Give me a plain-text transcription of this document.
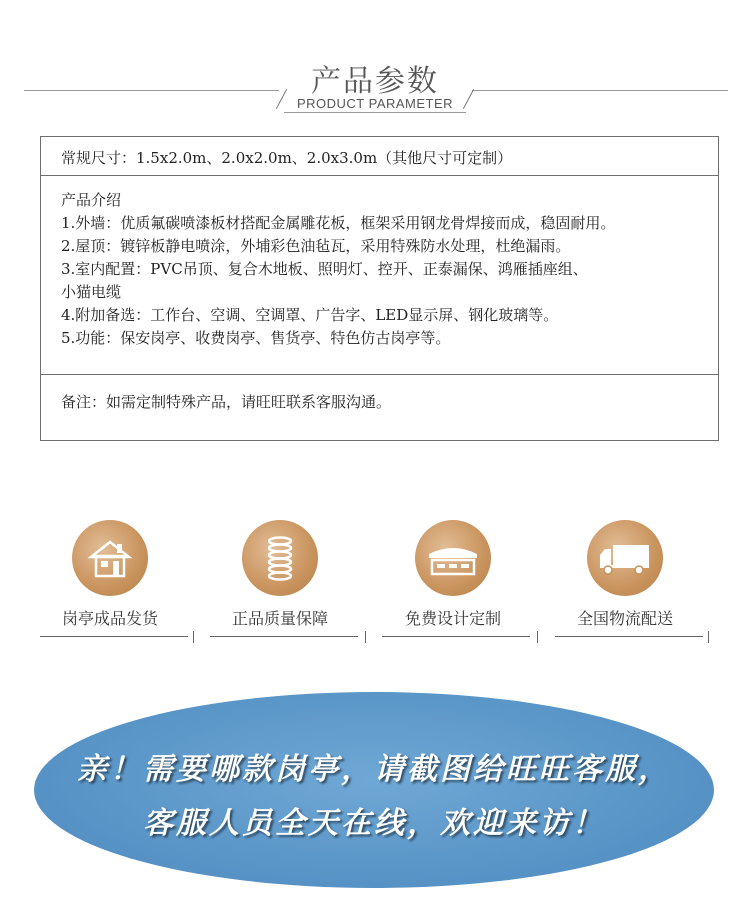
产品参数
PRODUCT PARAMETER
常规尺寸：1.5x2.0m、2.0x2.0m、2.0x3.0m（其他尺寸可定制）
产品介绍
1.外墙：优质氟碳喷漆板材搭配金属雕花板，框架采用钢龙骨焊接而成，稳固耐用。
2.屋顶：镀锌板静电喷涂，外埔彩色油毡瓦，采用特殊防水处理，杜绝漏雨。
3.室内配置：PVC吊顶、复合木地板、照明灯、控开、正泰漏保、鸿雁插座组、
小猫电缆
4.附加备选：工作台、空调、空调罩、广告字、LED显示屏、钢化玻璃等。
5.功能：保安岗亭、收费岗亭、售货亭、特色仿古岗亭等。
备注：如需定制特殊产品，请旺旺联系客服沟通。
岗亭成品发货	正品质量保障	免费设计定制	全国物流配送
亲！需要哪款岗亭，请截图给旺旺客服，
客服人员全天在线，欢迎来访！
